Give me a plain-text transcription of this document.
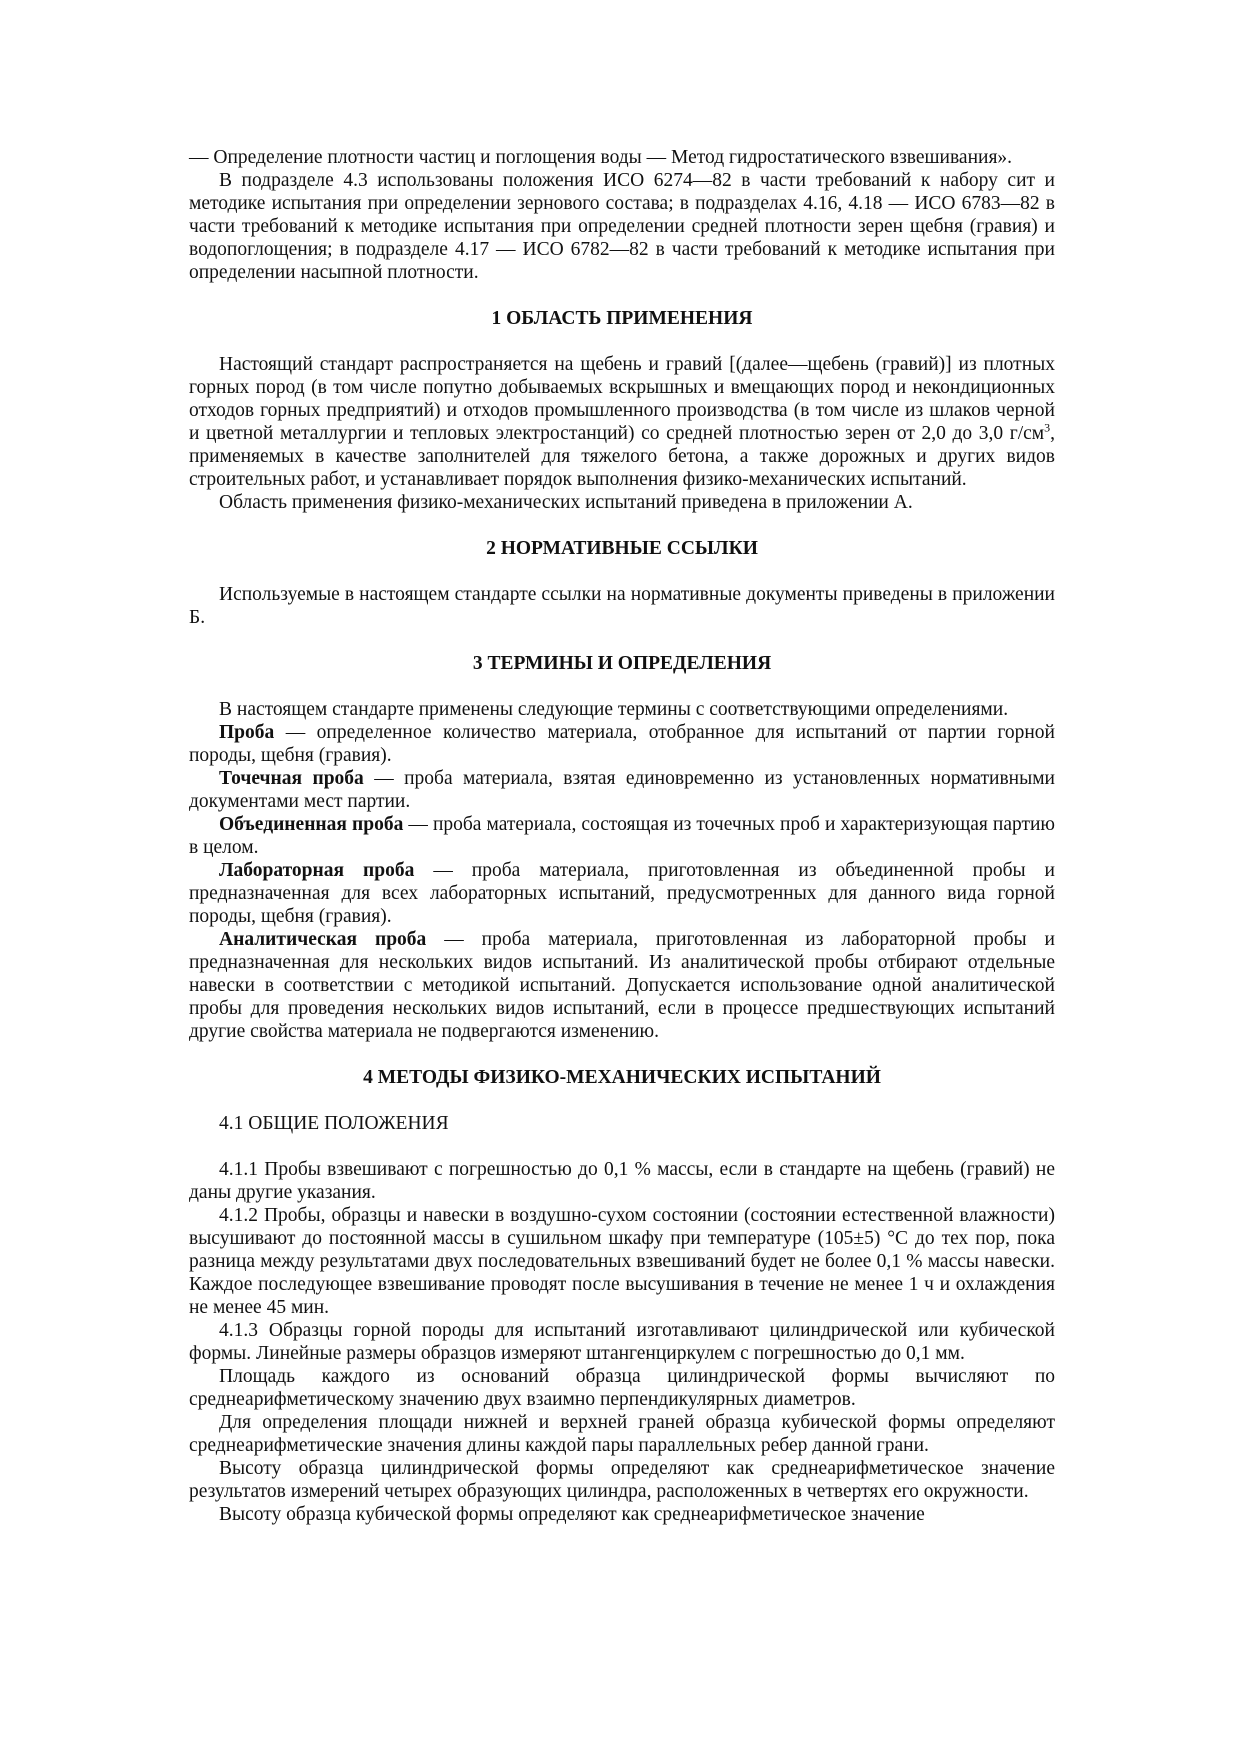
— Определение плотности частиц и поглощения воды — Метод гидростатического взвешивания».

В подразделе 4.3 использованы положения ИСО 6274—82 в части требований к набору сит и методике испытания при определении зернового состава; в подразделах 4.16, 4.18 — ИСО 6783—82 в части требований к методике испытания при определении средней плотности зерен щебня (гравия) и водопоглощения; в подразделе 4.17 — ИСО 6782—82 в части требований к методике испытания при определении насыпной плотности.

1 ОБЛАСТЬ ПРИМЕНЕНИЯ

Настоящий стандарт распространяется на щебень и гравий [(далее—щебень (гравий)] из плотных горных пород (в том числе попутно добываемых вскрышных и вмещающих пород и некондиционных отходов горных предприятий) и отходов промышленного производства (в том числе из шлаков черной и цветной металлургии и тепловых электростанций) со средней плотностью зерен от 2,0 до 3,0 $г/см^3$, применяемых в качестве заполнителей для тяжелого бетона, а также дорожных и других видов строительных работ, и устанавливает порядок выполнения физико-механических испытаний.

Область применения физико-механических испытаний приведена в приложении А.

2 НОРМАТИВНЫЕ ССЫЛКИ

Используемые в настоящем стандарте ссылки на нормативные документы приведены в приложении Б.

3 ТЕРМИНЫ И ОПРЕДЕЛЕНИЯ

В настоящем стандарте применены следующие термины с соответствующими определениями.

Проба — определенное количество материала, отобранное для испытаний от партии горной породы, щебня (гравия).

Точечная проба — проба материала, взятая единовременно из установленных нормативными документами мест партии.

Объединенная проба — проба материала, состоящая из точечных проб и характеризующая партию в целом.

Лабораторная проба — проба материала, приготовленная из объединенной пробы и предназначенная для всех лабораторных испытаний, предусмотренных для данного вида горной породы, щебня (гравия).

Аналитическая проба — проба материала, приготовленная из лабораторной пробы и предназначенная для нескольких видов испытаний. Из аналитической пробы отбирают отдельные навески в соответствии с методикой испытаний. Допускается использование одной аналитической пробы для проведения нескольких видов испытаний, если в процессе предшествующих испытаний другие свойства материала не подвергаются изменению.

4 МЕТОДЫ ФИЗИКО-МЕХАНИЧЕСКИХ ИСПЫТАНИЙ

4.1 ОБЩИЕ ПОЛОЖЕНИЯ

4.1.1 Пробы взвешивают с погрешностью до 0,1 % массы, если в стандарте на щебень (гравий) не даны другие указания.

4.1.2 Пробы, образцы и навески в воздушно-сухом состоянии (состоянии естественной влажности) высушивают до постоянной массы в сушильном шкафу при температуре (105±5) °С до тех пор, пока разница между результатами двух последовательных взвешиваний будет не более 0,1 % массы навески. Каждое последующее взвешивание проводят после высушивания в течение не менее 1 ч и охлаждения не менее 45 мин.

4.1.3 Образцы горной породы для испытаний изготавливают цилиндрической или кубической формы. Линейные размеры образцов измеряют штангенциркулем с погрешностью до 0,1 мм.

Площадь каждого из оснований образца цилиндрической формы вычисляют по среднеарифметическому значению двух взаимно перпендикулярных диаметров.

Для определения площади нижней и верхней граней образца кубической формы определяют среднеарифметические значения длины каждой пары параллельных ребер данной грани.

Высоту образца цилиндрической формы определяют как среднеарифметическое значение результатов измерений четырех образующих цилиндра, расположенных в четвертях его окружности.

Высоту образца кубической формы определяют как среднеарифметическое значение
